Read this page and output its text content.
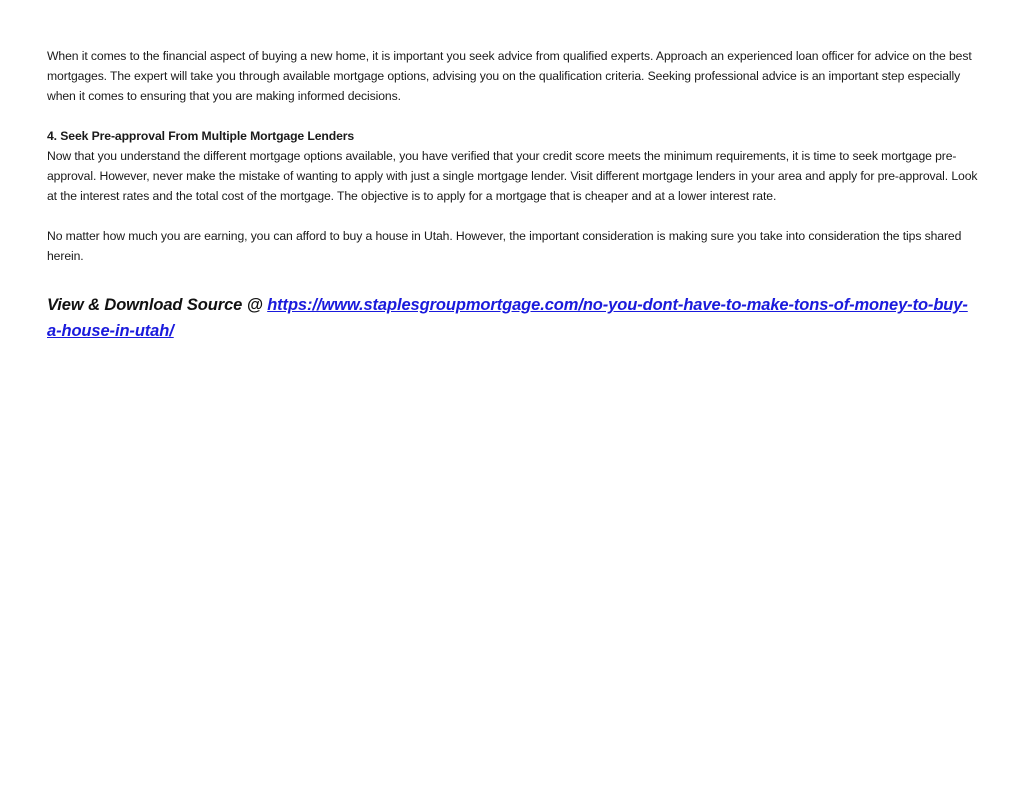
When it comes to the financial aspect of buying a new home, it is important you seek advice from qualified experts. Approach an experienced loan officer for advice on the best mortgages. The expert will take you through available mortgage options, advising you on the qualification criteria. Seeking professional advice is an important step especially when it comes to ensuring that you are making informed decisions.

4. Seek Pre-approval From Multiple Mortgage Lenders

Now that you understand the different mortgage options available, you have verified that your credit score meets the minimum requirements, it is time to seek mortgage pre-approval. However, never make the mistake of wanting to apply with just a single mortgage lender. Visit different mortgage lenders in your area and apply for pre-approval. Look at the interest rates and the total cost of the mortgage. The objective is to apply for a mortgage that is cheaper and at a lower interest rate.

No matter how much you are earning, you can afford to buy a house in Utah. However, the important consideration is making sure you take into consideration the tips shared herein.

View & Download Source @ https://www.staplesgroupmortgage.com/no-you-dont-have-to-make-tons-of-money-to-buy-a-house-in-utah/
